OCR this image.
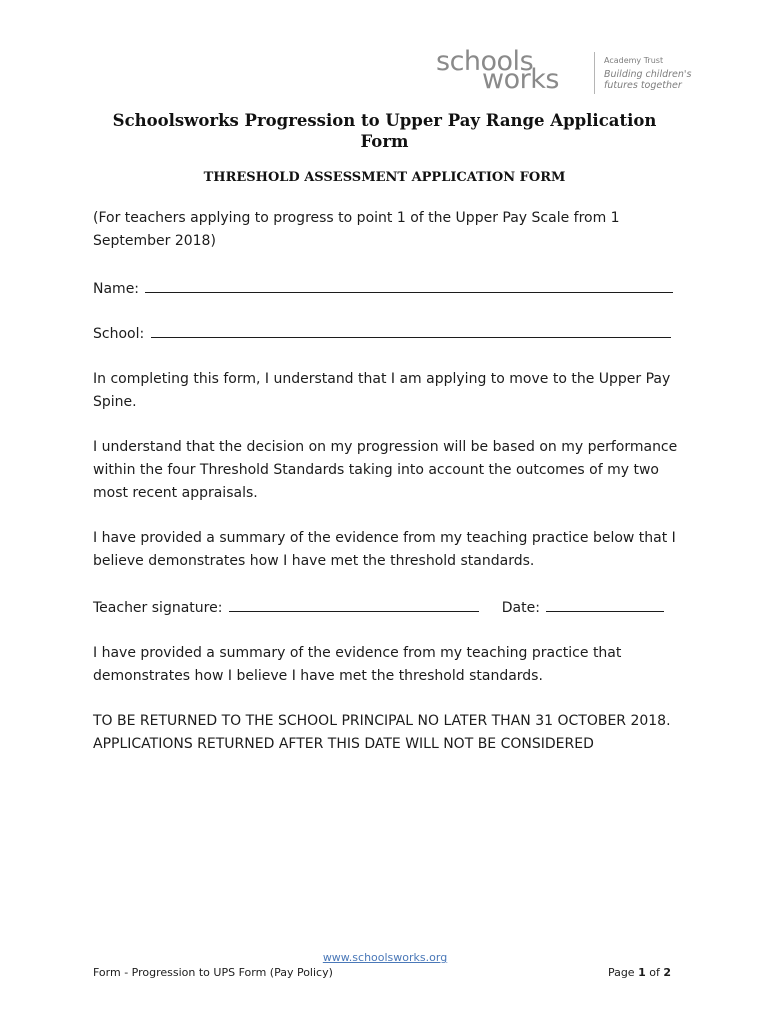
schools
works
Academy Trust
Building children's
futures together
Schoolsworks Progression to Upper Pay Range Application Form
THRESHOLD ASSESSMENT APPLICATION FORM
(For teachers applying to progress to point 1 of the Upper Pay Scale from 1 September 2018)
Name:
School:
In completing this form, I understand that I am applying to move to the Upper Pay Spine.
I understand that the decision on my progression will be based on my performance within the four Threshold Standards taking into account the outcomes of my two most recent appraisals.
I have provided a summary of the evidence from my teaching practice below that I believe demonstrates how I have met the threshold standards.
Teacher signature:	Date:
I have provided a summary of the evidence from my teaching practice that demonstrates how I believe I have met the threshold standards.
TO BE RETURNED TO THE SCHOOL PRINCIPAL NO LATER THAN 31 OCTOBER 2018. APPLICATIONS RETURNED AFTER THIS DATE WILL NOT BE CONSIDERED
www.schoolsworks.org
Form - Progression to UPS Form (Pay Policy)	Page 1 of 2
